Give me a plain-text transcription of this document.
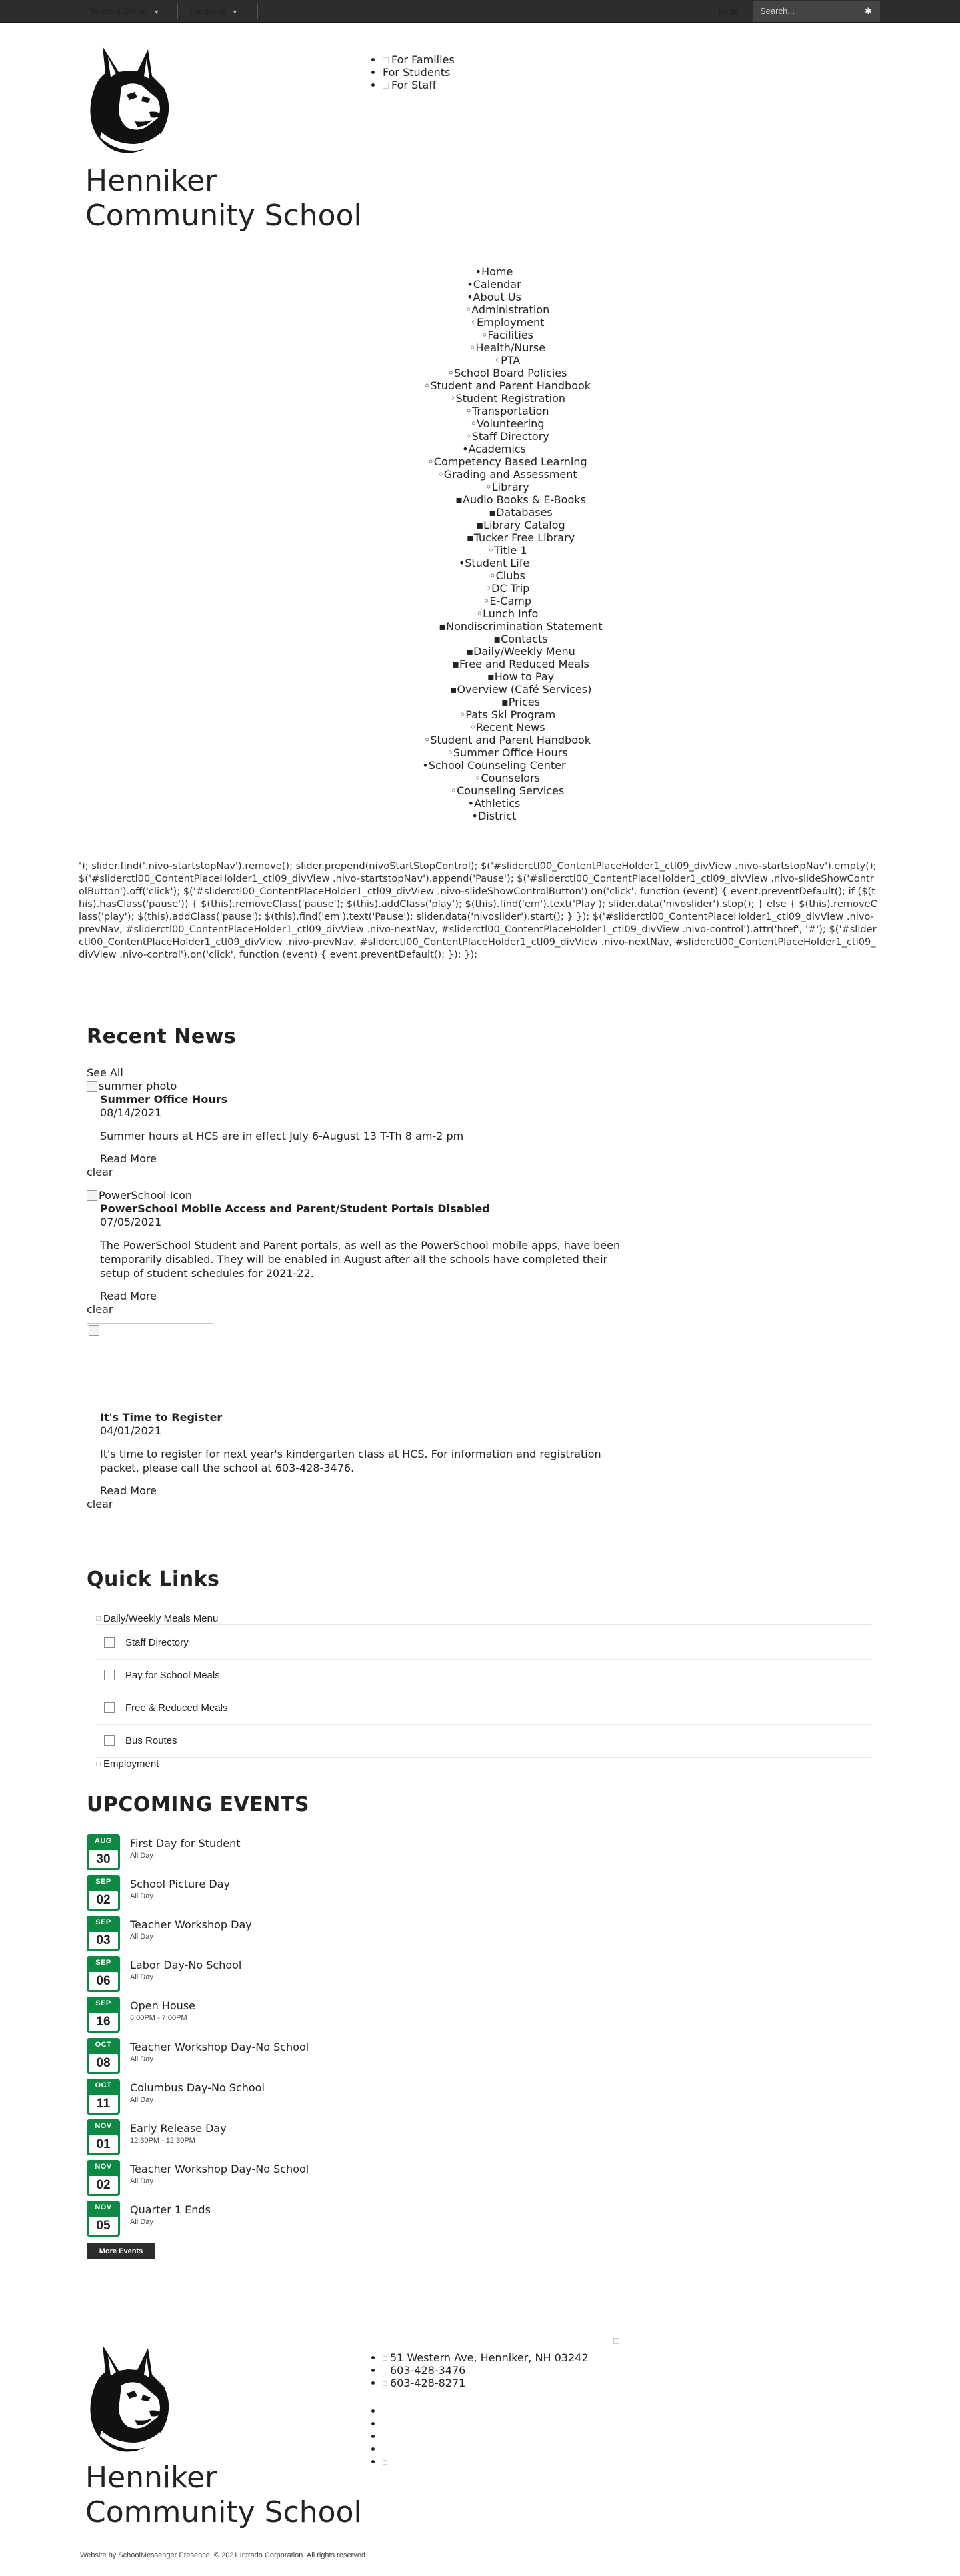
Select a School ▼	Language ▼	Login	Search...	✱
Henniker
Community School
• For Families
• For Students
• For Staff
• Home
• Calendar
• About Us
◦ Administration
◦ Employment
◦ Facilities
◦ Health/Nurse
◦ PTA
◦ School Board Policies
◦ Student and Parent Handbook
◦ Student Registration
◦ Transportation
◦ Volunteering
◦ Staff Directory
• Academics
◦ Competency Based Learning
◦ Grading and Assessment
◦ Library
▪ Audio Books & E-Books
▪ Databases
▪ Library Catalog
▪ Tucker Free Library
◦ Title 1
• Student Life
◦ Clubs
◦ DC Trip
◦ E-Camp
◦ Lunch Info
▪ Nondiscrimination Statement
▪ Contacts
▪ Daily/Weekly Menu
▪ Free and Reduced Meals
▪ How to Pay
▪ Overview (Café Services)
▪ Prices
◦ Pats Ski Program
◦ Recent News
◦ Student and Parent Handbook
◦ Summer Office Hours
• School Counseling Center
◦ Counselors
◦ Counseling Services
• Athletics
• District
'); slider.find('.nivo-startstopNav').remove(); slider.prepend(nivoStartStopControl); $('#sliderctl00_ContentPlaceHolder1_ctl09_divView .nivo-startstopNav').empty(); $('#sliderctl00_ContentPlaceHolder1_ctl09_divView .nivo-startstopNav').append('Pause'); $('#sliderctl00_ContentPlaceHolder1_ctl09_divView .nivo-slideShowControlButton').off('click'); $('#sliderctl00_ContentPlaceHolder1_ctl09_divView .nivo-slideShowControlButton').on('click', function (event) { event.preventDefault(); if ($(this).hasClass('pause')) { $(this).removeClass('pause'); $(this).addClass('play'); $(this).find('em').text('Play'); slider.data('nivoslider').stop(); } else { $(this).removeClass('play'); $(this).addClass('pause'); $(this).find('em').text('Pause'); slider.data('nivoslider').start(); } }); $('#sliderctl00_ContentPlaceHolder1_ctl09_divView .nivo-prevNav, #sliderctl00_ContentPlaceHolder1_ctl09_divView .nivo-nextNav, #sliderctl00_ContentPlaceHolder1_ctl09_divView .nivo-control').attr('href', '#'); $('#sliderctl00_ContentPlaceHolder1_ctl09_divView .nivo-prevNav, #sliderctl00_ContentPlaceHolder1_ctl09_divView .nivo-nextNav, #sliderctl00_ContentPlaceHolder1_ctl09_divView .nivo-control').on('click', function (event) { event.preventDefault(); }); });
Recent News
See All
summer photo
Summer Office Hours
08/14/2021
Summer hours at HCS are in effect July 6-August 13 T-Th 8 am-2 pm
Read More
clear
PowerSchool Icon
PowerSchool Mobile Access and Parent/Student Portals Disabled
07/05/2021
The PowerSchool Student and Parent portals, as well as the PowerSchool mobile apps, have been temporarily disabled. They will be enabled in August after all the schools have completed their setup of student schedules for 2021-22.
Read More
clear
It's Time to Register
04/01/2021
It's time to register for next year's kindergarten class at HCS. For information and registration packet, please call the school at 603-428-3476.
Read More
clear
Quick Links
Daily/Weekly Meals Menu
Staff Directory
Pay for School Meals
Free & Reduced Meals
Bus Routes
Employment
UPCOMING EVENTS
AUG
30
First Day for Student
All Day
SEP
02
School Picture Day
All Day
SEP
03
Teacher Workshop Day
All Day
SEP
06
Labor Day-No School
All Day
SEP
16
Open House
6:00PM - 7:00PM
OCT
08
Teacher Workshop Day-No School
All Day
OCT
11
Columbus Day-No School
All Day
NOV
01
Early Release Day
12:30PM - 12:30PM
NOV
02
Teacher Workshop Day-No School
All Day
NOV
05
Quarter 1 Ends
All Day
More Events
Henniker
Community School
• 51 Western Ave, Henniker, NH 03242
• 603-428-3476
• 603-428-8271
•
•
•
•
•
Website by SchoolMessenger Presence. © 2021 Intrado Corporation. All rights reserved.
